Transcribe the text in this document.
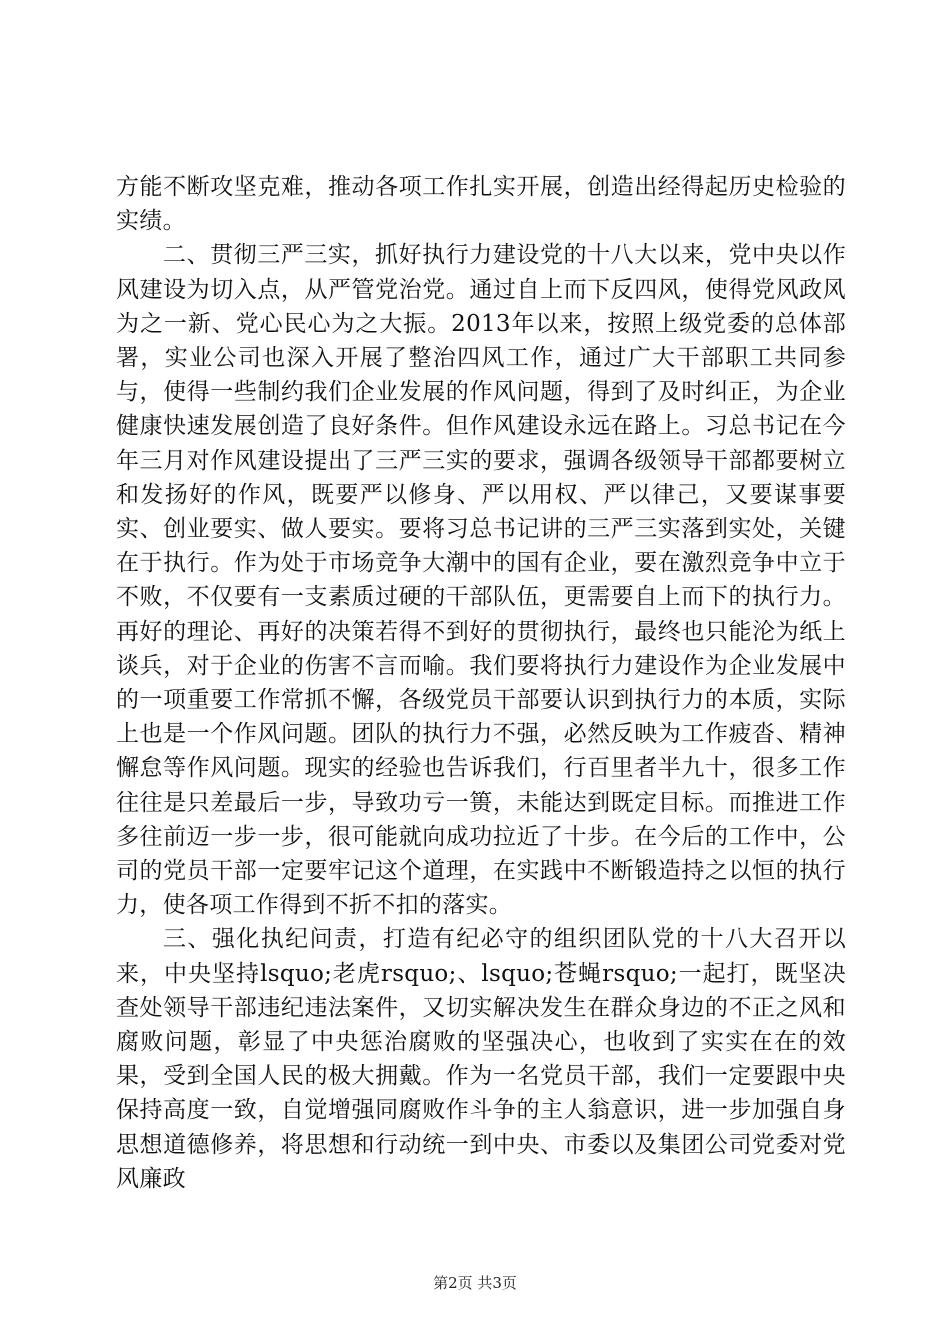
方能不断攻坚克难，推动各项工作扎实开展，创造出经得起历史检验的实绩。

二、贯彻三严三实，抓好执行力建设党的十八大以来，党中央以作风建设为切入点，从严管党治党。通过自上而下反四风，使得党风政风为之一新、党心民心为之大振。2013年以来，按照上级党委的总体部署，实业公司也深入开展了整治四风工作，通过广大干部职工共同参与，使得一些制约我们企业发展的作风问题，得到了及时纠正，为企业健康快速发展创造了良好条件。但作风建设永远在路上。习总书记在今年三月对作风建设提出了三严三实的要求，强调各级领导干部都要树立和发扬好的作风，既要严以修身、严以用权、严以律己，又要谋事要实、创业要实、做人要实。要将习总书记讲的三严三实落到实处，关键在于执行。作为处于市场竞争大潮中的国有企业，要在激烈竞争中立于不败，不仅要有一支素质过硬的干部队伍，更需要自上而下的执行力。再好的理论、再好的决策若得不到好的贯彻执行，最终也只能沦为纸上谈兵，对于企业的伤害不言而喻。我们要将执行力建设作为企业发展中的一项重要工作常抓不懈，各级党员干部要认识到执行力的本质，实际上也是一个作风问题。团队的执行力不强，必然反映为工作疲沓、精神懈怠等作风问题。现实的经验也告诉我们，行百里者半九十，很多工作往往是只差最后一步，导致功亏一篑，未能达到既定目标。而推进工作多往前迈一步一步，很可能就向成功拉近了十步。在今后的工作中，公司的党员干部一定要牢记这个道理，在实践中不断锻造持之以恒的执行力，使各项工作得到不折不扣的落实。

三、强化执纪问责，打造有纪必守的组织团队党的十八大召开以来，中央坚持lsquo;老虎rsquo;、lsquo;苍蝇rsquo;一起打，既坚决查处领导干部违纪违法案件，又切实解决发生在群众身边的不正之风和腐败问题，彰显了中央惩治腐败的坚强决心，也收到了实实在在的效果，受到全国人民的极大拥戴。作为一名党员干部，我们一定要跟中央保持高度一致，自觉增强同腐败作斗争的主人翁意识，进一步加强自身思想道德修养，将思想和行动统一到中央、市委以及集团公司党委对党风廉政

第2页 共3页
